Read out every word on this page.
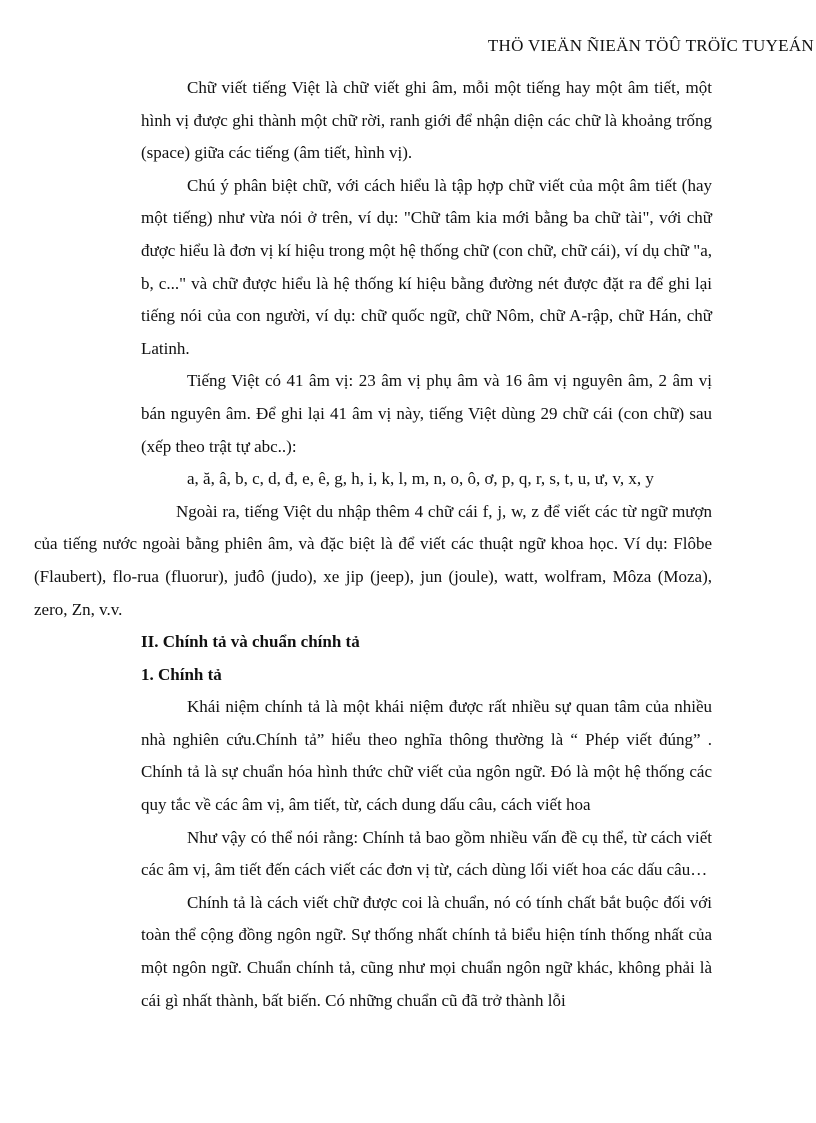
THÖ VIEÄN ÑIEÄN TÖÛ TRÖÏC TUYEÁN

Chữ viết tiếng Việt là chữ viết ghi âm, mỗi một tiếng hay một âm tiết, một hình vị được ghi thành một chữ rời, ranh giới để nhận diện các chữ là khoảng trống (space) giữa các tiếng (âm tiết, hình vị).

Chú ý phân biệt chữ, với cách hiểu là tập hợp chữ viết của một âm tiết (hay một tiếng) như vừa nói ở trên, ví dụ: "Chữ tâm kia mới bằng ba chữ tài", với chữ được hiểu là đơn vị kí hiệu trong một hệ thống chữ (con chữ, chữ cái), ví dụ chữ "a, b, c..." và chữ được hiểu là hệ thống kí hiệu bằng đường nét được đặt ra để ghi lại tiếng nói của con người, ví dụ: chữ quốc ngữ, chữ Nôm, chữ A-rập, chữ Hán, chữ Latinh.

Tiếng Việt có 41 âm vị: 23 âm vị phụ âm và 16 âm vị nguyên âm, 2 âm vị bán nguyên âm. Để ghi lại 41 âm vị này, tiếng Việt dùng 29 chữ cái (con chữ) sau (xếp theo trật tự abc..):

a, ă, â, b, c, d, đ, e, ê, g, h, i, k, l, m, n, o, ô, ơ, p, q, r, s, t, u, ư, v, x, y

Ngoài ra, tiếng Việt du nhập thêm 4 chữ cái f, j, w, z để viết các từ ngữ mượn của tiếng nước ngoài bằng phiên âm, và đặc biệt là để viết các thuật ngữ khoa học. Ví dụ: Flôbe (Flaubert), flo-rua (fluorur), juđô (judo), xe jip (jeep), jun (joule), watt, wolfram, Môza (Moza), zero, Zn, v.v.

II. Chính tả và chuẩn chính tả
1. Chính tả

Khái niệm chính tả là một khái niệm được rất nhiều sự quan tâm của nhiều nhà nghiên cứu.Chính tả” hiểu theo nghĩa thông thường là “ Phép viết đúng” . Chính tả là sự chuẩn hóa hình thức chữ viết của ngôn ngữ. Đó là một hệ thống các quy tắc về các âm vị, âm tiết, từ, cách dung dấu câu, cách viết hoa

Như vậy có thể nói rằng: Chính tả bao gồm nhiều vấn đề cụ thể, từ cách viết các âm vị, âm tiết đến cách viết các đơn vị từ, cách dùng lối viết hoa các dấu câu…

Chính tả là cách viết chữ được coi là chuẩn, nó có tính chất bắt buộc đối với toàn thể cộng đồng ngôn ngữ. Sự thống nhất chính tả biểu hiện tính thống nhất của một ngôn ngữ. Chuẩn chính tả, cũng như mọi chuẩn ngôn ngữ khác, không phải là cái gì nhất thành, bất biến. Có những chuẩn cũ đã trở thành lỗi
